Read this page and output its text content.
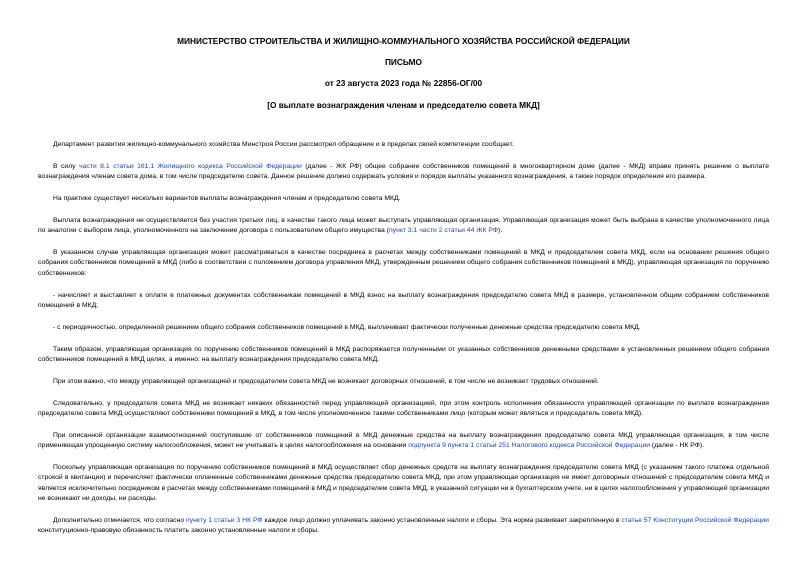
МИНИСТЕРСТВО СТРОИТЕЛЬСТВА И ЖИЛИЩНО-КОММУНАЛЬНОГО ХОЗЯЙСТВА РОССИЙСКОЙ ФЕДЕРАЦИИ
ПИСЬМО
от 23 августа 2023 года № 22856-ОГ/00
[О выплате вознаграждения членам и председателю совета МКД]

Департамент развития жилищно-коммунального хозяйства Минстроя России рассмотрел обращение и в пределах своей компетенции сообщает.

В силу части 8.1 статьи 161.1 Жилищного кодекса Российской Федерации (далее - ЖК РФ) общее собрание собственников помещений в многоквартирном доме (далее - МКД) вправе принять решение о выплате вознаграждения членам совета дома, в том числе председателю совета. Данное решение должно содержать условия и порядок выплаты указанного вознаграждения, а также порядок определения его размера.

На практике существует несколько вариантов выплаты вознаграждения членам и председателю совета МКД.

Выплата вознаграждения не осуществляется без участия третьих лиц, в качестве такого лица может выступать управляющая организация. Управляющая организация может быть выбрана в качестве уполномоченного лица по аналогии с выбором лица, уполномоченного на заключение договора с пользователем общего имущества (пункт 3.1 части 2 статьи 44 ЖК РФ).

В указанном случае управляющая организация может рассматриваться в качестве посредника в расчетах между собственниками помещений в МКД и председателем совета МКД, если на основании решения общего собрания собственников помещений в МКД (либо в соответствии с положением договора управления МКД, утвержденным решением общего собрания собственников помещений в МКД), управляющая организация по поручению собственников:

- начисляет и выставляет к оплате в платежных документах собственникам помещений в МКД взнос на выплату вознаграждения председателю совета МКД в размере, установленном общим собранием собственников помещений в МКД;

- с периодичностью, определенной решением общего собрания собственников помещений в МКД, выплачивает фактически полученные денежные средства председателю совета МКД.

Таким образом, управляющая организация по поручению собственников помещений в МКД распоряжается полученными от указанных собственников денежными средствами в установленных решением общего собрания собственников помещений в МКД целях, а именно: на выплату вознаграждения председателю совета МКД.

При этом важно, что между управляющей организацией и председателем совета МКД не возникает договорных отношений, в том числе не возникает трудовых отношений.

Следовательно, у председателя совета МКД не возникает никаких обязанностей перед управляющей организацией, при этом контроль исполнения обязанности управляющей организации по выплате вознаграждения председателю совета МКД осуществляют собственники помещений в МКД, в том числе уполномоченное такими собственниками лицо (которым может являться и председатель совета МКД).

При описанной организации взаимоотношений поступившие от собственников помещений в МКД денежные средства на выплату вознаграждения председателю совета МКД управляющая организация, в том числе применяющая упрощенную систему налогообложения, может не учитывать в целях налогообложения на основании подпункта 9 пункта 1 статьи 251 Налогового кодекса Российской Федерации (далее - НК РФ).

Поскольку управляющая организация по поручению собственников помещений в МКД осуществляет сбор денежных средств на выплату вознаграждения председателю совета МКД (с указанием такого платежа отдельной строкой в квитанции) и перечисляет фактически оплаченные собственниками денежные средства председателю совета МКД, при этом управляющая организация не имеет договорных отношений с председателем совета МКД и является исключительно посредником в расчетах между собственниками помещений в МКД и председателем совета МКД, в указанной ситуации ни в бухгалтерском учете, ни в целях налогообложения у управляющей организации не возникают ни доходы, ни расходы.

Дополнительно отмечается, что согласно пункту 1 статьи 3 НК РФ каждое лицо должно уплачивать законно установленные налоги и сборы. Эта норма развивает закрепленную в статье 57 Конституции Российской Федерации конституционно-правовую обязанность платить законно установленные налоги и сборы.
